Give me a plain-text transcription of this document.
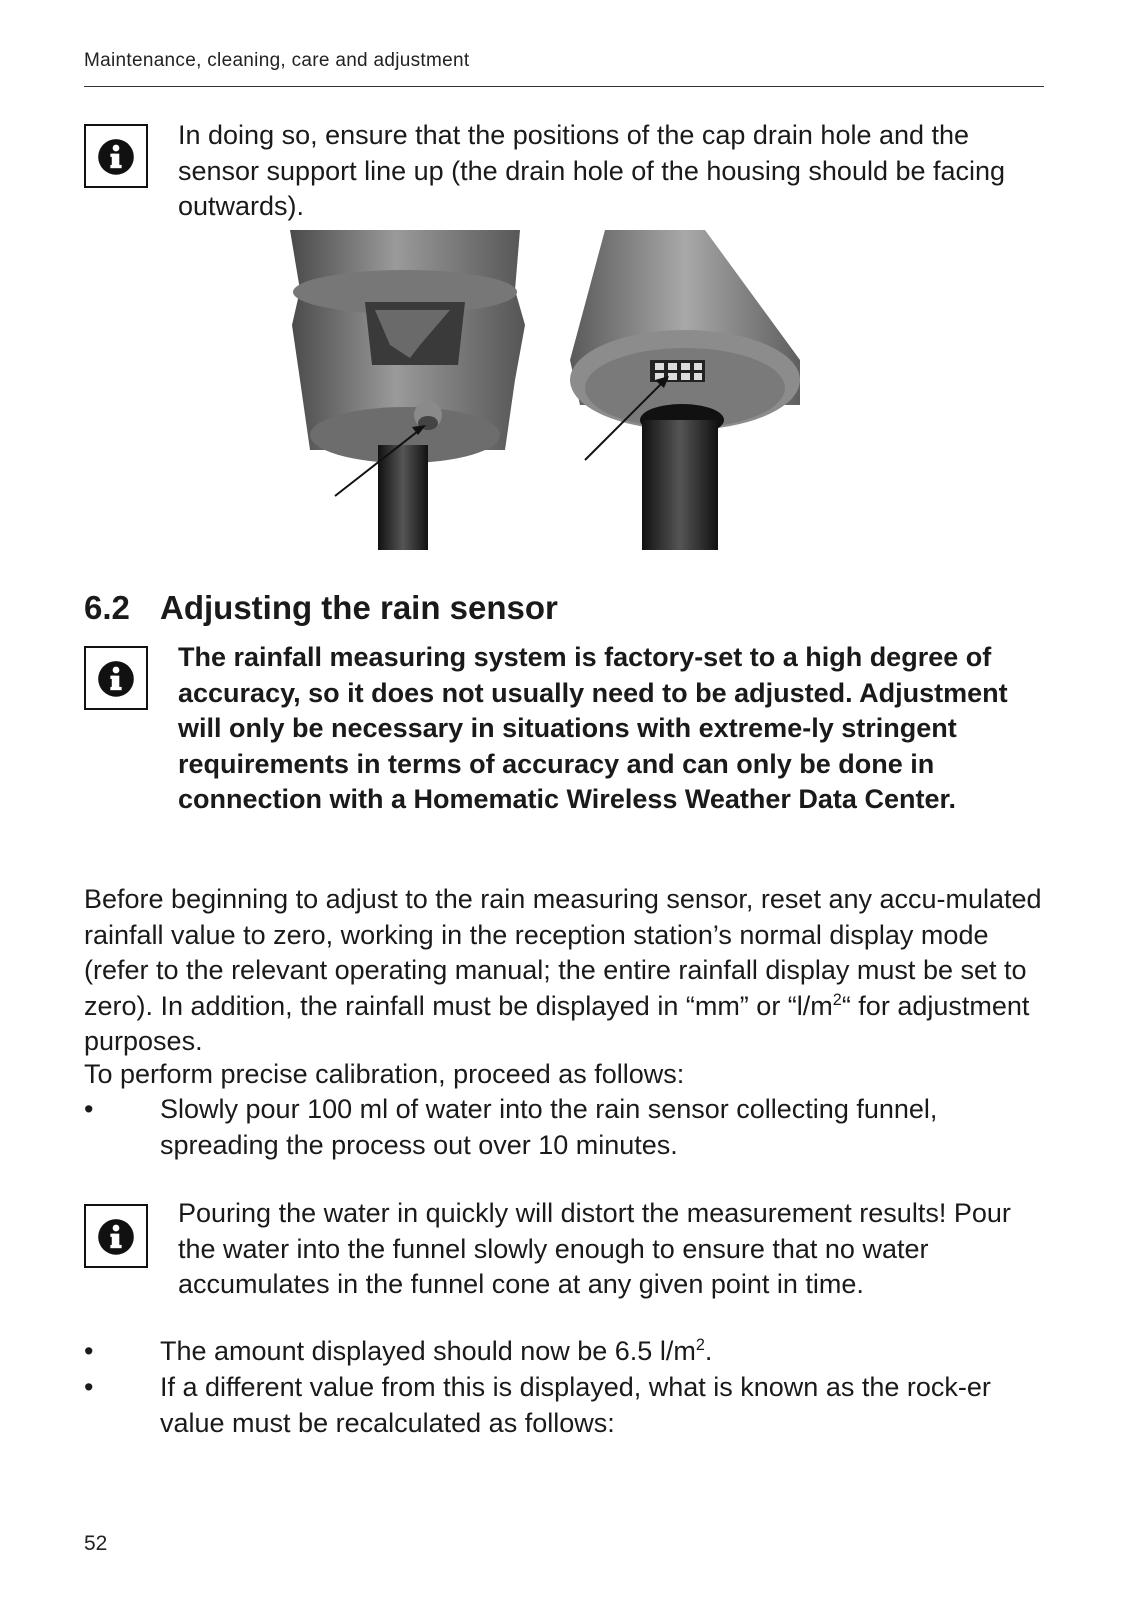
Maintenance, cleaning, care and adjustment
In doing so, ensure that the positions of the cap drain hole and the sensor support line up (the drain hole of the housing should be facing outwards).
6.2 Adjusting the rain sensor
The rainfall measuring system is factory-set to a high degree of accuracy, so it does not usually need to be adjusted. Adjustment will only be necessary in situations with extreme-ly stringent requirements in terms of accuracy and can only be done in connection with a Homematic Wireless Weather Data Center.
Before beginning to adjust to the rain measuring sensor, reset any accu-mulated rainfall value to zero, working in the reception station’s normal display mode (refer to the relevant operating manual; the entire rainfall display must be set to zero). In addition, the rainfall must be displayed in “mm” or “$l/m^2“$ for adjustment purposes.
To perform precise calibration, proceed as follows:
•	Slowly pour 100 ml of water into the rain sensor collecting funnel, spreading the process out over 10 minutes.
Pouring the water in quickly will distort the measurement results! Pour the water into the funnel slowly enough to ensure that no water accumulates in the funnel cone at any given point in time.
•	The amount displayed should now be 6.5 $l/m^2$.
•	If a different value from this is displayed, what is known as the rock-er value must be recalculated as follows:
52
